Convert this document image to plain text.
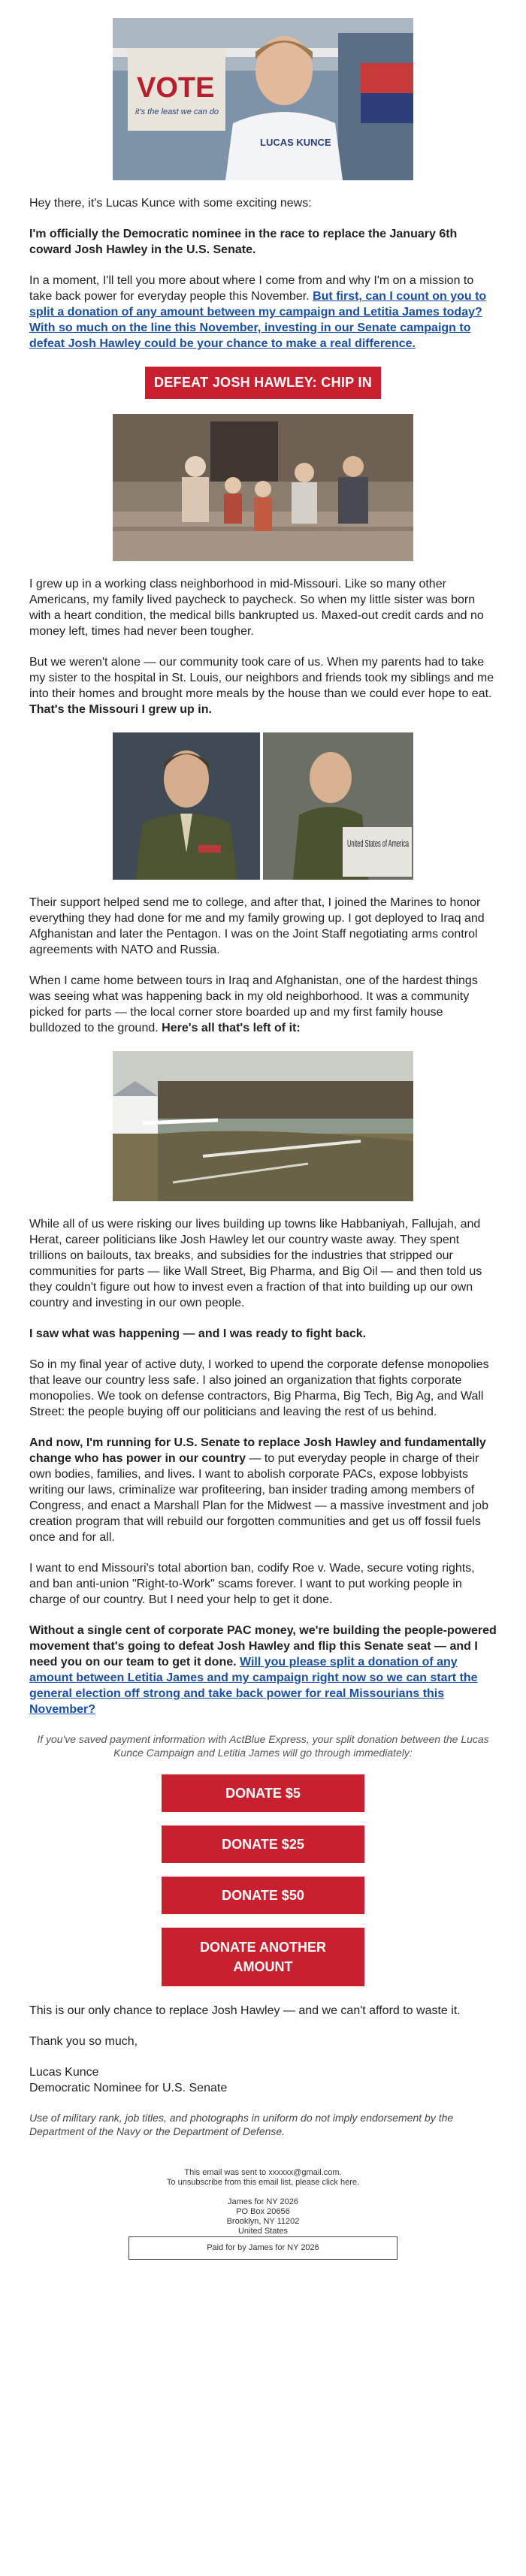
VOTE
it's the least we can do
LUCAS KUNCE

Hey there, it's Lucas Kunce with some exciting news:

I'm officially the Democratic nominee in the race to replace the January 6th coward Josh Hawley in the U.S. Senate.

In a moment, I'll tell you more about where I come from and why I'm on a mission to take back power for everyday people this November. But first, can I count on you to split a donation of any amount between my campaign and Letitia James today? With so much on the line this November, investing in our Senate campaign to defeat Josh Hawley could be your chance to make a real difference.

DEFEAT JOSH HAWLEY: CHIP IN

I grew up in a working class neighborhood in mid-Missouri. Like so many other Americans, my family lived paycheck to paycheck. So when my little sister was born with a heart condition, the medical bills bankrupted us. Maxed-out credit cards and no money left, times had never been tougher.

But we weren't alone — our community took care of us. When my parents had to take my sister to the hospital in St. Louis, our neighbors and friends took my siblings and me into their homes and brought more meals by the house than we could ever hope to eat. That's the Missouri I grew up in.

United States of America

Their support helped send me to college, and after that, I joined the Marines to honor everything they had done for me and my family growing up. I got deployed to Iraq and Afghanistan and later the Pentagon. I was on the Joint Staff negotiating arms control agreements with NATO and Russia.

When I came home between tours in Iraq and Afghanistan, one of the hardest things was seeing what was happening back in my old neighborhood. It was a community picked for parts — the local corner store boarded up and my first family house bulldozed to the ground. Here's all that's left of it:

While all of us were risking our lives building up towns like Habbaniyah, Fallujah, and Herat, career politicians like Josh Hawley let our country waste away. They spent trillions on bailouts, tax breaks, and subsidies for the industries that stripped our communities for parts — like Wall Street, Big Pharma, and Big Oil — and then told us they couldn't figure out how to invest even a fraction of that into building up our own country and investing in our own people.

I saw what was happening — and I was ready to fight back.

So in my final year of active duty, I worked to upend the corporate defense monopolies that leave our country less safe. I also joined an organization that fights corporate monopolies. We took on defense contractors, Big Pharma, Big Tech, Big Ag, and Wall Street: the people buying off our politicians and leaving the rest of us behind.

And now, I'm running for U.S. Senate to replace Josh Hawley and fundamentally change who has power in our country — to put everyday people in charge of their own bodies, families, and lives. I want to abolish corporate PACs, expose lobbyists writing our laws, criminalize war profiteering, ban insider trading among members of Congress, and enact a Marshall Plan for the Midwest — a massive investment and job creation program that will rebuild our forgotten communities and get us off fossil fuels once and for all.

I want to end Missouri's total abortion ban, codify Roe v. Wade, secure voting rights, and ban anti-union "Right-to-Work" scams forever. I want to put working people in charge of our country. But I need your help to get it done.

Without a single cent of corporate PAC money, we're building the people-powered movement that's going to defeat Josh Hawley and flip this Senate seat — and I need you on our team to get it done. Will you please split a donation of any amount between Letitia James and my campaign right now so we can start the general election off strong and take back power for real Missourians this November?

If you've saved payment information with ActBlue Express, your split donation between the Lucas Kunce Campaign and Letitia James will go through immediately:

DONATE $5
DONATE $25
DONATE $50
DONATE ANOTHER AMOUNT

This is our only chance to replace Josh Hawley — and we can't afford to waste it.

Thank you so much,

Lucas Kunce

Democratic Nominee for U.S. Senate

Use of military rank, job titles, and photographs in uniform do not imply endorsement by the Department of the Navy or the Department of Defense.

This email was sent to xxxxxx@gmail.com.
To unsubscribe from this email list, please click here.
James for NY 2026
PO Box 20656
Brooklyn, NY 11202
United States
Paid for by James for NY 2026
